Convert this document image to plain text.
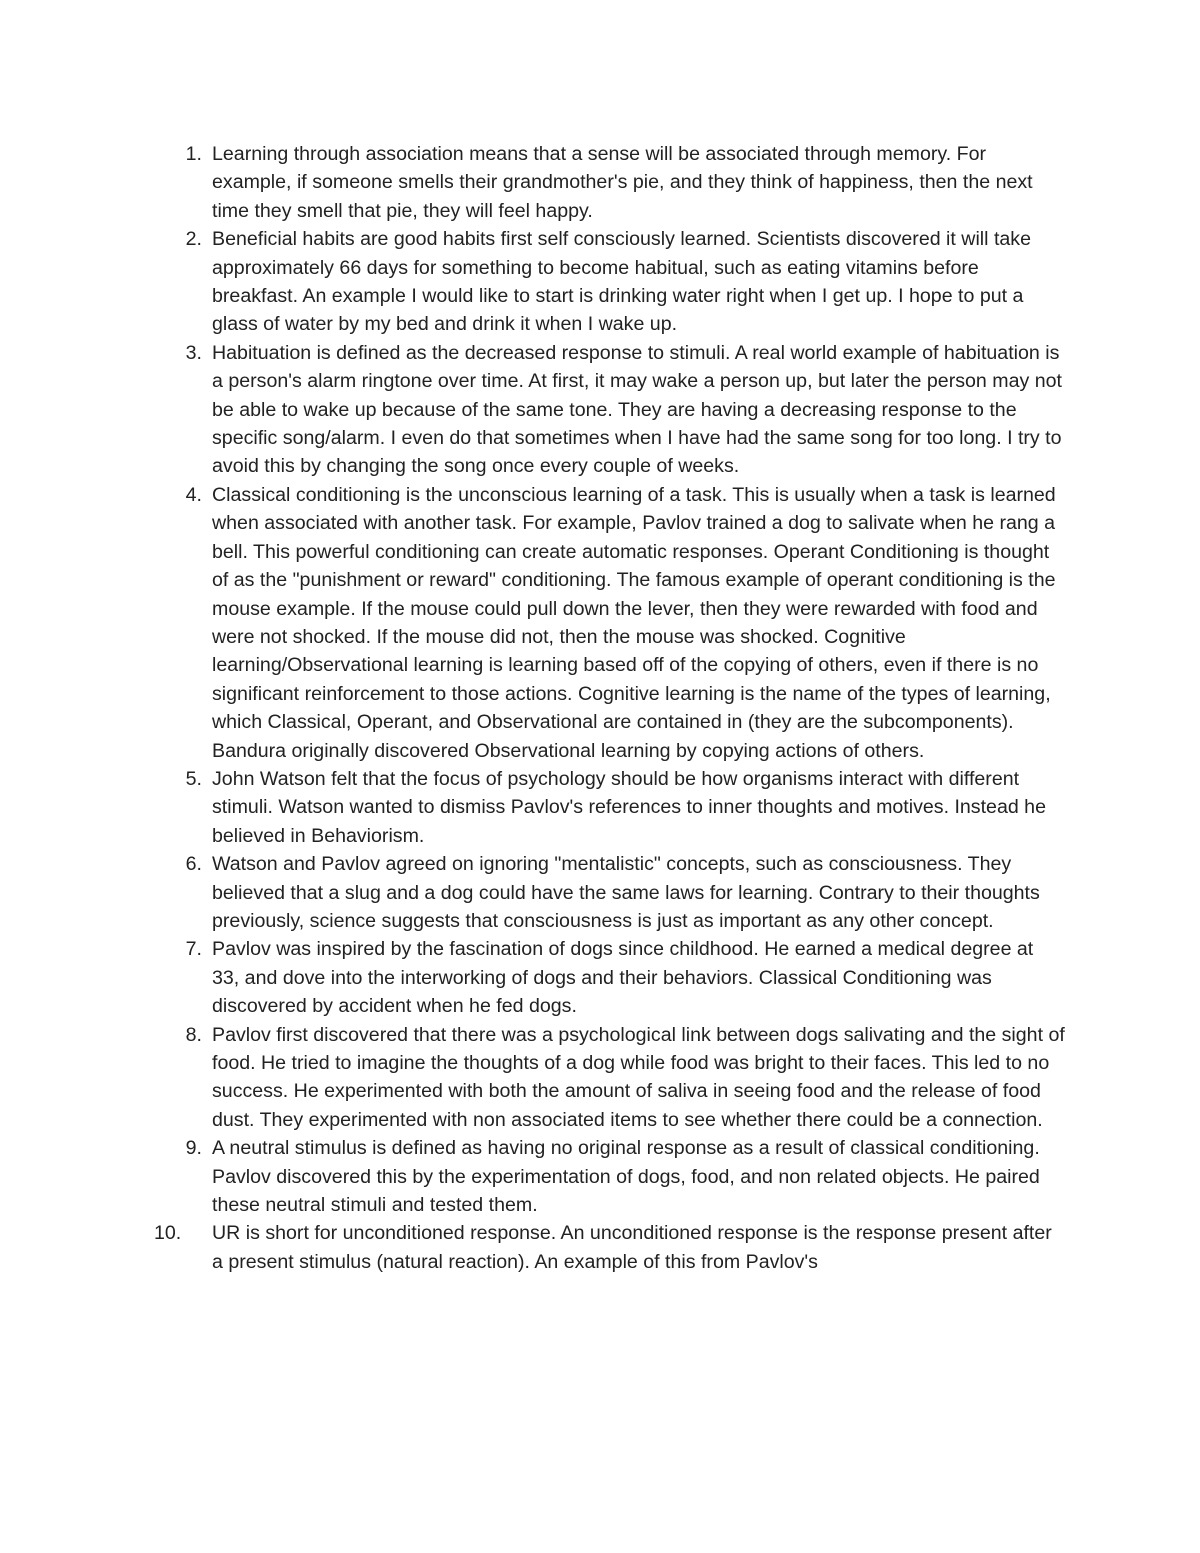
1. Learning through association means that a sense will be associated through memory. For example, if someone smells their grandmother's pie, and they think of happiness, then the next time they smell that pie, they will feel happy.
2. Beneficial habits are good habits first self consciously learned. Scientists discovered it will take approximately 66 days for something to become habitual, such as eating vitamins before breakfast. An example I would like to start is drinking water right when I get up. I hope to put a glass of water by my bed and drink it when I wake up.
3. Habituation is defined as the decreased response to stimuli. A real world example of habituation is a person's alarm ringtone over time. At first, it may wake a person up, but later the person may not be able to wake up because of the same tone. They are having a decreasing response to the specific song/alarm. I even do that sometimes when I have had the same song for too long. I try to avoid this by changing the song once every couple of weeks.
4. Classical conditioning is the unconscious learning of a task. This is usually when a task is learned when associated with another task. For example, Pavlov trained a dog to salivate when he rang a bell. This powerful conditioning can create automatic responses. Operant Conditioning is thought of as the "punishment or reward" conditioning. The famous example of operant conditioning is the mouse example. If the mouse could pull down the lever, then they were rewarded with food and were not shocked. If the mouse did not, then the mouse was shocked. Cognitive learning/Observational learning is learning based off of the copying of others, even if there is no significant reinforcement to those actions. Cognitive learning is the name of the types of learning, which Classical, Operant, and Observational are contained in (they are the subcomponents). Bandura originally discovered Observational learning by copying actions of others.
5. John Watson felt that the focus of psychology should be how organisms interact with different stimuli. Watson wanted to dismiss Pavlov's references to inner thoughts and motives. Instead he believed in Behaviorism.
6. Watson and Pavlov agreed on ignoring "mentalistic" concepts, such as consciousness. They believed that a slug and a dog could have the same laws for learning. Contrary to their thoughts previously, science suggests that consciousness is just as important as any other concept.
7. Pavlov was inspired by the fascination of dogs since childhood. He earned a medical degree at 33, and dove into the interworking of dogs and their behaviors. Classical Conditioning was discovered by accident when he fed dogs.
8. Pavlov first discovered that there was a psychological link between dogs salivating and the sight of food. He tried to imagine the thoughts of a dog while food was bright to their faces. This led to no success. He experimented with both the amount of saliva in seeing food and the release of food dust. They experimented with non associated items to see whether there could be a connection.
9. A neutral stimulus is defined as having no original response as a result of classical conditioning. Pavlov discovered this by the experimentation of dogs, food, and non related objects. He paired these neutral stimuli and tested them.
10.	UR is short for unconditioned response. An unconditioned response is the response present after a present stimulus (natural reaction). An example of this from Pavlov's
